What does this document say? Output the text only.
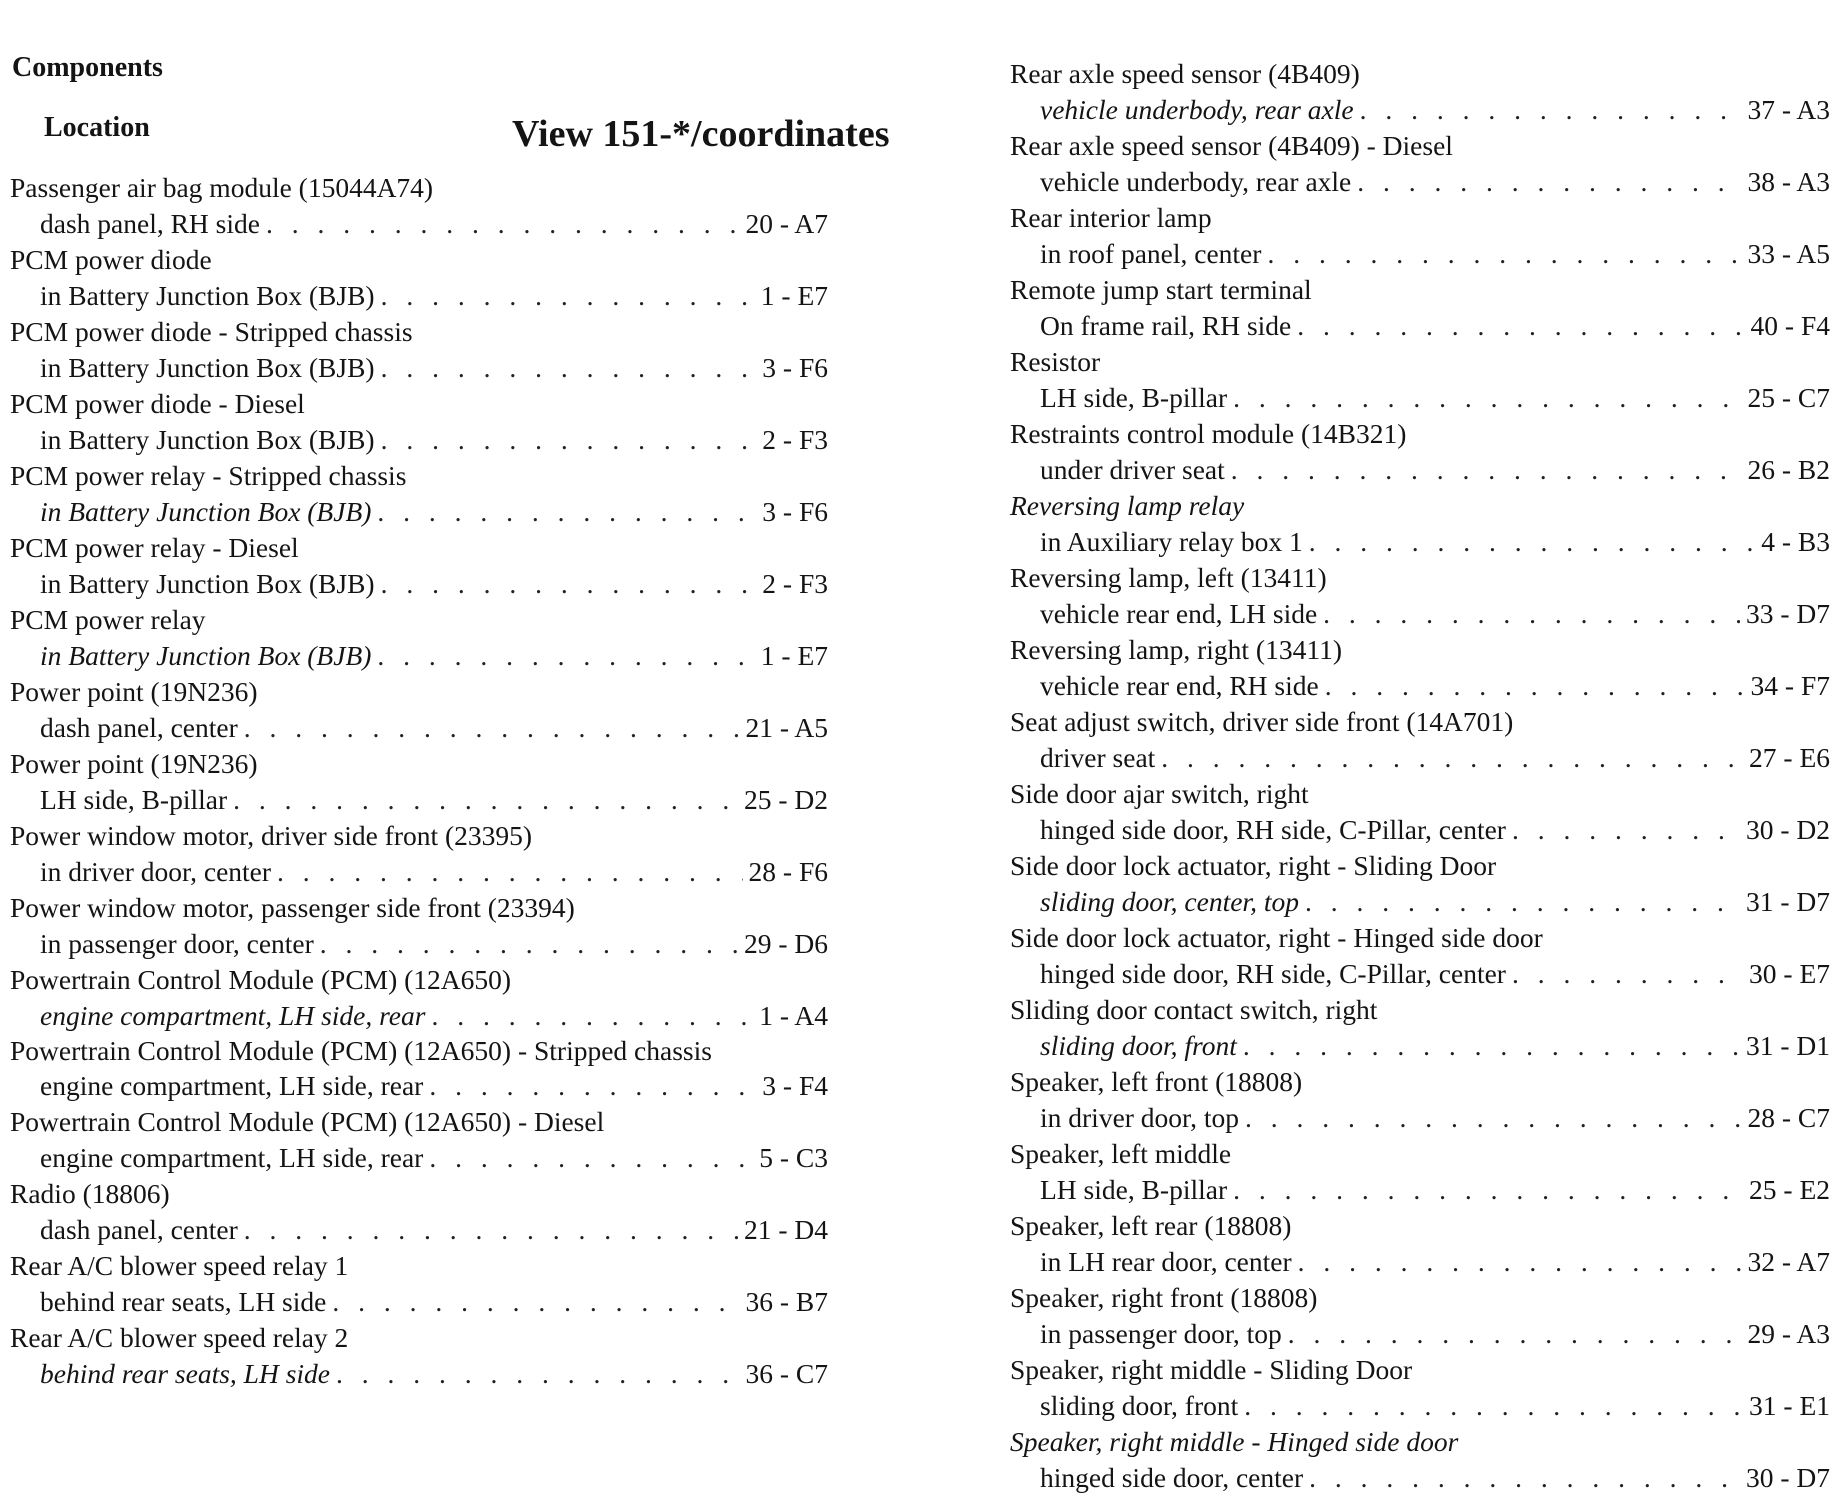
Components
Location	View 151-*/coordinates
Passenger air bag module (15044A74)
dash panel, RH side . . .	20 - A7
PCM power diode
in Battery Junction Box (BJB) . . .	1 - E7
PCM power diode - Stripped chassis
in Battery Junction Box (BJB) . . .	3 - F6
PCM power diode - Diesel
in Battery Junction Box (BJB) . . .	2 - F3
PCM power relay - Stripped chassis
in Battery Junction Box (BJB) . . .	3 - F6
PCM power relay - Diesel
in Battery Junction Box (BJB) . . .	2 - F3
PCM power relay
in Battery Junction Box (BJB) . . .	1 - E7
Power point (19N236)
dash panel, center . . .	21 - A5
Power point (19N236)
LH side, B-pillar . . .	25 - D2
Power window motor, driver side front (23395)
in driver door, center . . .	28 - F6
Power window motor, passenger side front (23394)
in passenger door, center . . .	29 - D6
Powertrain Control Module (PCM) (12A650)
engine compartment, LH side, rear . . .	1 - A4
Powertrain Control Module (PCM) (12A650) - Stripped chassis
engine compartment, LH side, rear . . .	3 - F4
Powertrain Control Module (PCM) (12A650) - Diesel
engine compartment, LH side, rear . . .	5 - C3
Radio (18806)
dash panel, center . . .	21 - D4
Rear A/C blower speed relay 1
behind rear seats, LH side . . .	36 - B7
Rear A/C blower speed relay 2
behind rear seats, LH side . . .	36 - C7
Rear axle speed sensor (4B409)
vehicle underbody, rear axle . . .	37 - A3
Rear axle speed sensor (4B409) - Diesel
vehicle underbody, rear axle . . .	38 - A3
Rear interior lamp
in roof panel, center . . .	33 - A5
Remote jump start terminal
On frame rail, RH side . . .	40 - F4
Resistor
LH side, B-pillar . . .	25 - C7
Restraints control module (14B321)
under driver seat . . .	26 - B2
Reversing lamp relay
in Auxiliary relay box 1 . . .	4 - B3
Reversing lamp, left (13411)
vehicle rear end, LH side . . .	33 - D7
Reversing lamp, right (13411)
vehicle rear end, RH side . . .	34 - F7
Seat adjust switch, driver side front (14A701)
driver seat . . .	27 - E6
Side door ajar switch, right
hinged side door, RH side, C-Pillar, center . . .	30 - D2
Side door lock actuator, right - Sliding Door
sliding door, center, top . . .	31 - D7
Side door lock actuator, right - Hinged side door
hinged side door, RH side, C-Pillar, center . . .	30 - E7
Sliding door contact switch, right
sliding door, front . . .	31 - D1
Speaker, left front (18808)
in driver door, top . . .	28 - C7
Speaker, left middle
LH side, B-pillar . . .	25 - E2
Speaker, left rear (18808)
in LH rear door, center . . .	32 - A7
Speaker, right front (18808)
in passenger door, top . . .	29 - A3
Speaker, right middle - Sliding Door
sliding door, front . . .	31 - E1
Speaker, right middle - Hinged side door
hinged side door, center . . .	30 - D7
